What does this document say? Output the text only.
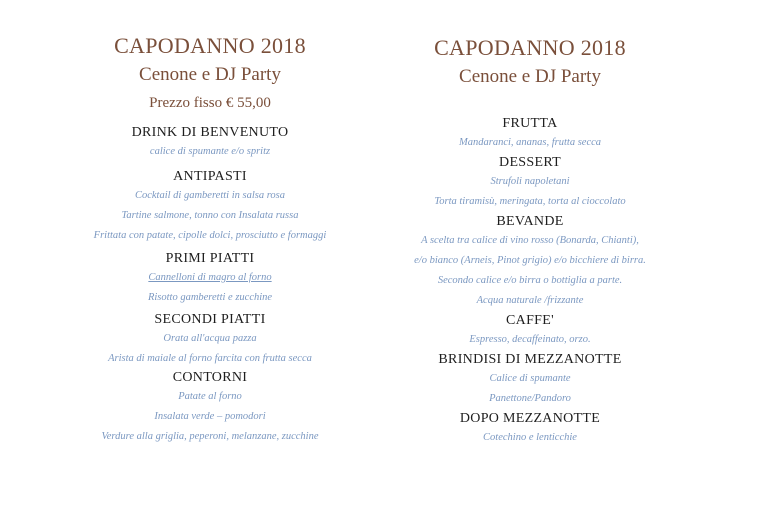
CAPODANNO 2018
Cenone e DJ Party
Prezzo fisso € 55,00
DRINK DI BENVENUTO
calice di spumante e/o spritz
ANTIPASTI
Cocktail di gamberetti in salsa rosa
Tartine salmone, tonno con Insalata russa
Frittata con patate, cipolle dolci, prosciutto e formaggi
PRIMI PIATTI
Cannelloni di magro al forno
Risotto gamberetti e zucchine
SECONDI PIATTI
Orata all'acqua pazza
Arista di maiale al forno farcita con frutta secca
CONTORNI
Patate al forno
Insalata verde – pomodori
Verdure alla griglia, peperoni, melanzane, zucchine
CAPODANNO 2018
Cenone e DJ Party
FRUTTA
Mandaranci, ananas, frutta secca
DESSERT
Strufoli napoletani
Torta tiramisù, meringata, torta al cioccolato
BEVANDE
A scelta tra calice di vino rosso (Bonarda, Chianti),
e/o bianco (Arneis, Pinot grigio) e/o bicchiere di birra.
Secondo calice e/o birra o bottiglia a parte.
Acqua naturale /frizzante
CAFFE'
Espresso, decaffeinato, orzo.
BRINDISI DI MEZZANOTTE
Calice di spumante
Panettone/Pandoro
DOPO MEZZANOTTE
Cotechino e lenticchie
